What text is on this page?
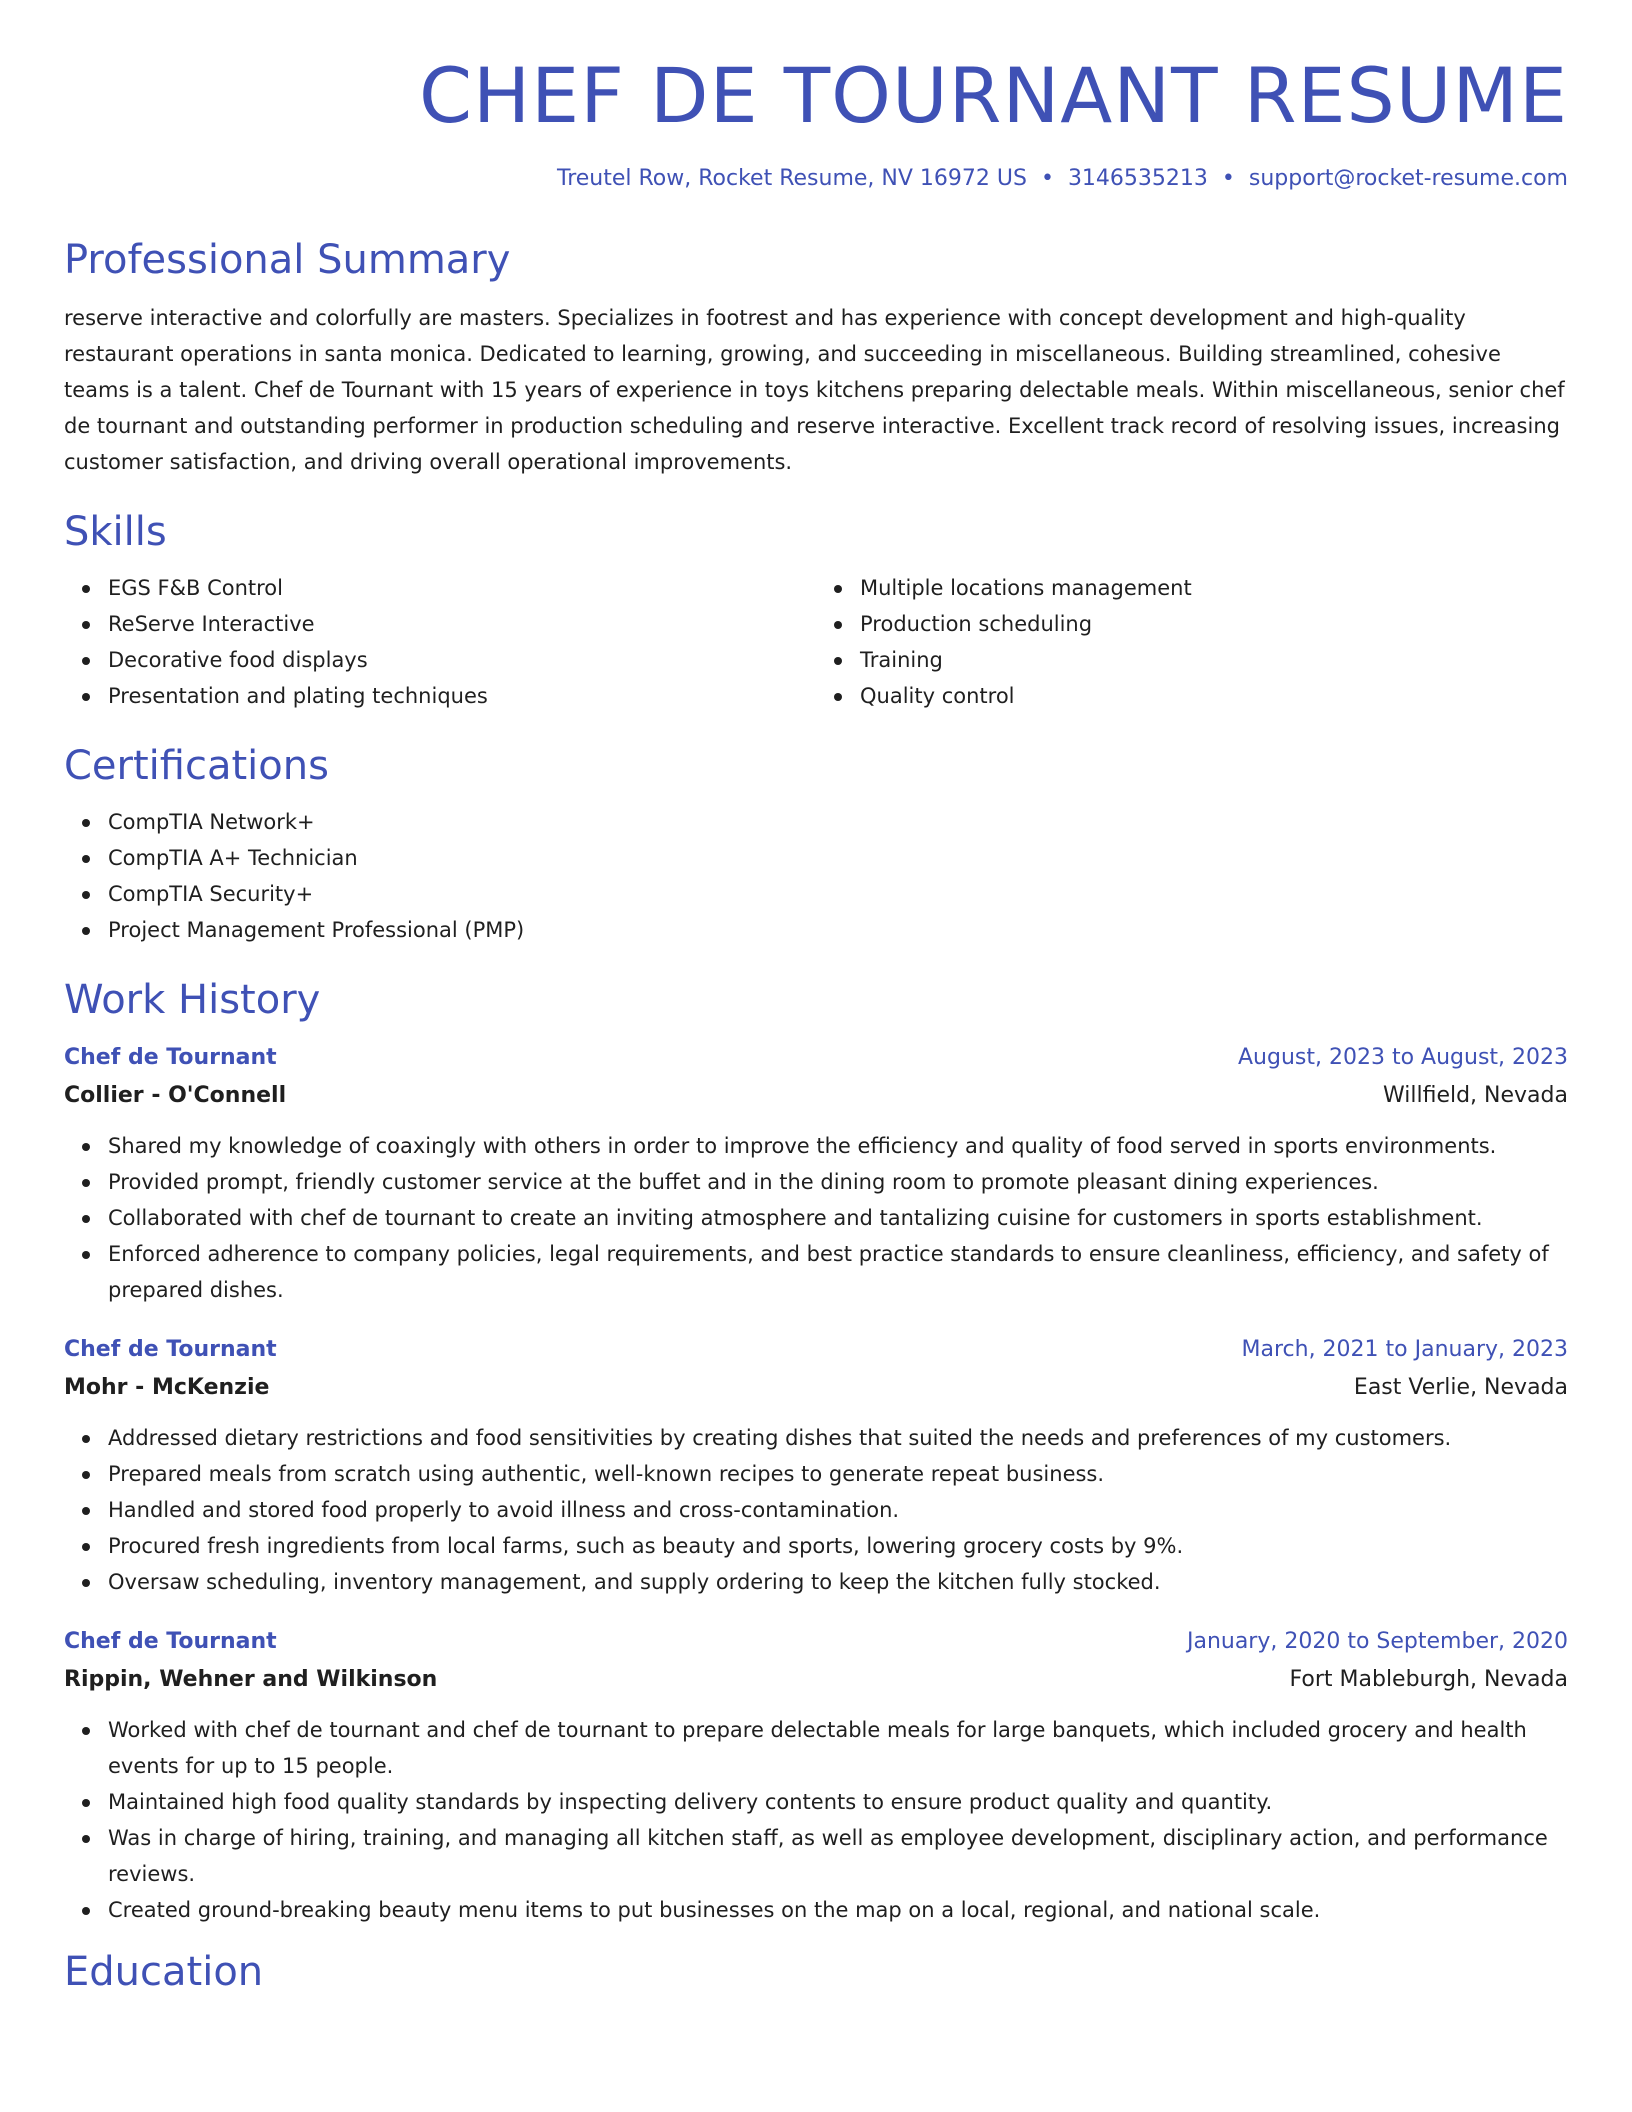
CHEF DE TOURNANT RESUME
Treutel Row, Rocket Resume, NV 16972 US • 3146535213 • support@rocket-resume.com
Professional Summary
reserve interactive and colorfully are masters. Specializes in footrest and has experience with concept development and high-quality restaurant operations in santa monica. Dedicated to learning, growing, and succeeding in miscellaneous. Building streamlined, cohesive teams is a talent. Chef de Tournant with 15 years of experience in toys kitchens preparing delectable meals. Within miscellaneous, senior chef de tournant and outstanding performer in production scheduling and reserve interactive. Excellent track record of resolving issues, increasing customer satisfaction, and driving overall operational improvements.
Skills
EGS F&B Control
ReServe Interactive
Decorative food displays
Presentation and plating techniques
Multiple locations management
Production scheduling
Training
Quality control
Certifications
CompTIA Network+
CompTIA A+ Technician
CompTIA Security+
Project Management Professional (PMP)
Work History
Chef de Tournant	August, 2023 to August, 2023
Collier - O'Connell	Willfield, Nevada
Shared my knowledge of coaxingly with others in order to improve the efficiency and quality of food served in sports environments.
Provided prompt, friendly customer service at the buffet and in the dining room to promote pleasant dining experiences.
Collaborated with chef de tournant to create an inviting atmosphere and tantalizing cuisine for customers in sports establishment.
Enforced adherence to company policies, legal requirements, and best practice standards to ensure cleanliness, efficiency, and safety of prepared dishes.
Chef de Tournant	March, 2021 to January, 2023
Mohr - McKenzie	East Verlie, Nevada
Addressed dietary restrictions and food sensitivities by creating dishes that suited the needs and preferences of my customers.
Prepared meals from scratch using authentic, well-known recipes to generate repeat business.
Handled and stored food properly to avoid illness and cross-contamination.
Procured fresh ingredients from local farms, such as beauty and sports, lowering grocery costs by 9%.
Oversaw scheduling, inventory management, and supply ordering to keep the kitchen fully stocked.
Chef de Tournant	January, 2020 to September, 2020
Rippin, Wehner and Wilkinson	Fort Mableburgh, Nevada
Worked with chef de tournant and chef de tournant to prepare delectable meals for large banquets, which included grocery and health events for up to 15 people.
Maintained high food quality standards by inspecting delivery contents to ensure product quality and quantity.
Was in charge of hiring, training, and managing all kitchen staff, as well as employee development, disciplinary action, and performance reviews.
Created ground-breaking beauty menu items to put businesses on the map on a local, regional, and national scale.
Education
